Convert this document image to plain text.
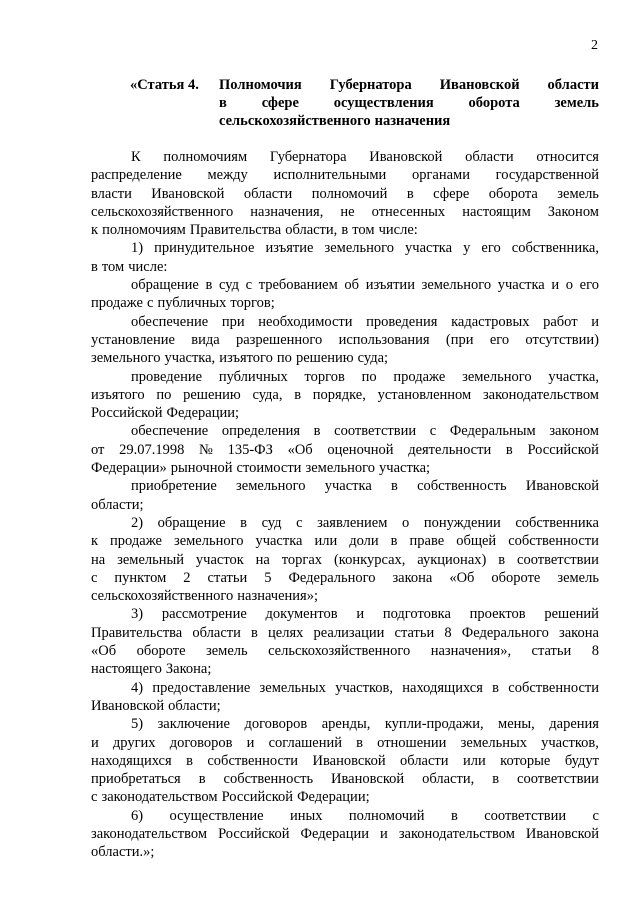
2
«Статья 4. Полномочия Губернатора Ивановской области
в сфере осуществления оборота земель
сельскохозяйственного назначения
К полномочиям Губернатора Ивановской области относится
распределение между исполнительными органами государственной
власти Ивановской области полномочий в сфере оборота земель
сельскохозяйственного назначения, не отнесенных настоящим Законом
к полномочиям Правительства области, в том числе:
1) принудительное изъятие земельного участка у его собственника,
в том числе:
обращение в суд с требованием об изъятии земельного участка и о его
продаже с публичных торгов;
обеспечение при необходимости проведения кадастровых работ и
установление вида разрешенного использования (при его отсутствии)
земельного участка, изъятого по решению суда;
проведение публичных торгов по продаже земельного участка,
изъятого по решению суда, в порядке, установленном законодательством
Российской Федерации;
обеспечение определения в соответствии с Федеральным законом
от 29.07.1998 № 135-ФЗ «Об оценочной деятельности в Российской
Федерации» рыночной стоимости земельного участка;
приобретение земельного участка в собственность Ивановской
области;
2) обращение в суд с заявлением о понуждении собственника
к продаже земельного участка или доли в праве общей собственности
на земельный участок на торгах (конкурсах, аукционах) в соответствии
с пунктом 2 статьи 5 Федерального закона «Об обороте земель
сельскохозяйственного назначения»;
3) рассмотрение документов и подготовка проектов решений
Правительства области в целях реализации статьи 8 Федерального закона
«Об обороте земель сельскохозяйственного назначения», статьи 8
настоящего Закона;
4) предоставление земельных участков, находящихся в собственности
Ивановской области;
5) заключение договоров аренды, купли-продажи, мены, дарения
и других договоров и соглашений в отношении земельных участков,
находящихся в собственности Ивановской области или которые будут
приобретаться в собственность Ивановской области, в соответствии
с законодательством Российской Федерации;
6) осуществление иных полномочий в соответствии с
законодательством Российской Федерации и законодательством Ивановской
области.»;
